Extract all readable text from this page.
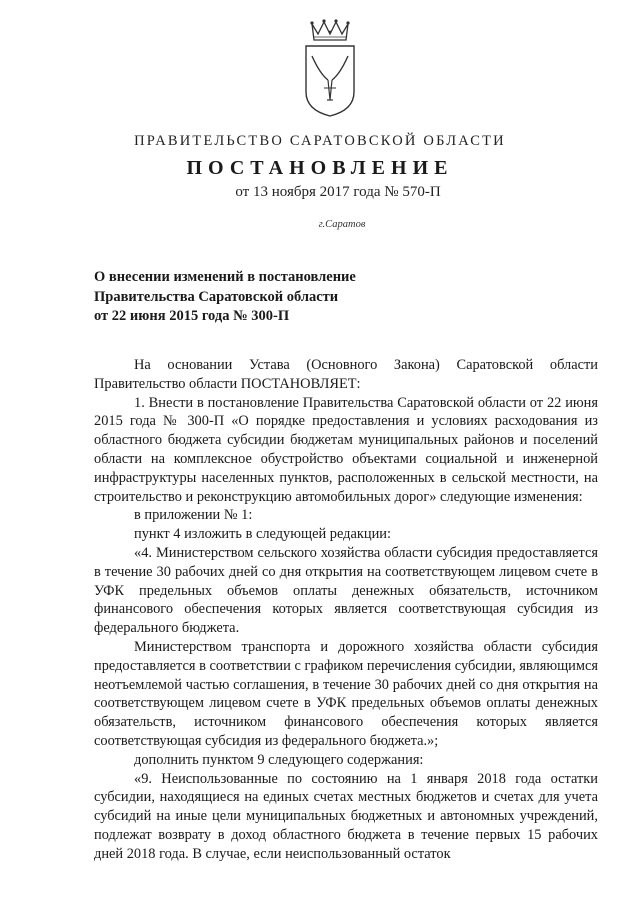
ПРАВИТЕЛЬСТВО САРАТОВСКОЙ ОБЛАСТИ
ПОСТАНОВЛЕНИЕ
от 13 ноября 2017 года № 570-П
г.Саратов
О внесении изменений в постановление
Правительства Саратовской области
от 22 июня 2015 года № 300-П

На основании Устава (Основного Закона) Саратовской области Правительство области ПОСТАНОВЛЯЕТ:

1. Внести в постановление Правительства Саратовской области от 22 июня 2015 года № 300-П «О порядке предоставления и условиях расходования из областного бюджета субсидии бюджетам муниципальных районов и поселений области на комплексное обустройство объектами социальной и инженерной инфраструктуры населенных пунктов, расположенных в сельской местности, на строительство и реконструкцию автомобильных дорог» следующие изменения:

в приложении № 1:

пункт 4 изложить в следующей редакции:

«4. Министерством сельского хозяйства области субсидия предоставляется в течение 30 рабочих дней со дня открытия на соответствующем лицевом счете в УФК предельных объемов оплаты денежных обязательств, источником финансового обеспечения которых является соответствующая субсидия из федерального бюджета.

Министерством транспорта и дорожного хозяйства области субсидия предоставляется в соответствии с графиком перечисления субсидии, являющимся неотъемлемой частью соглашения, в течение 30 рабочих дней со дня открытия на соответствующем лицевом счете в УФК предельных объемов оплаты денежных обязательств, источником финансового обеспечения которых является соответствующая субсидия из федерального бюджета.»;

дополнить пунктом 9 следующего содержания:

«9. Неиспользованные по состоянию на 1 января 2018 года остатки субсидии, находящиеся на единых счетах местных бюджетов и счетах для учета субсидий на иные цели муниципальных бюджетных и автономных учреждений, подлежат возврату в доход областного бюджета в течение первых 15 рабочих дней 2018 года. В случае, если неиспользованный остаток
